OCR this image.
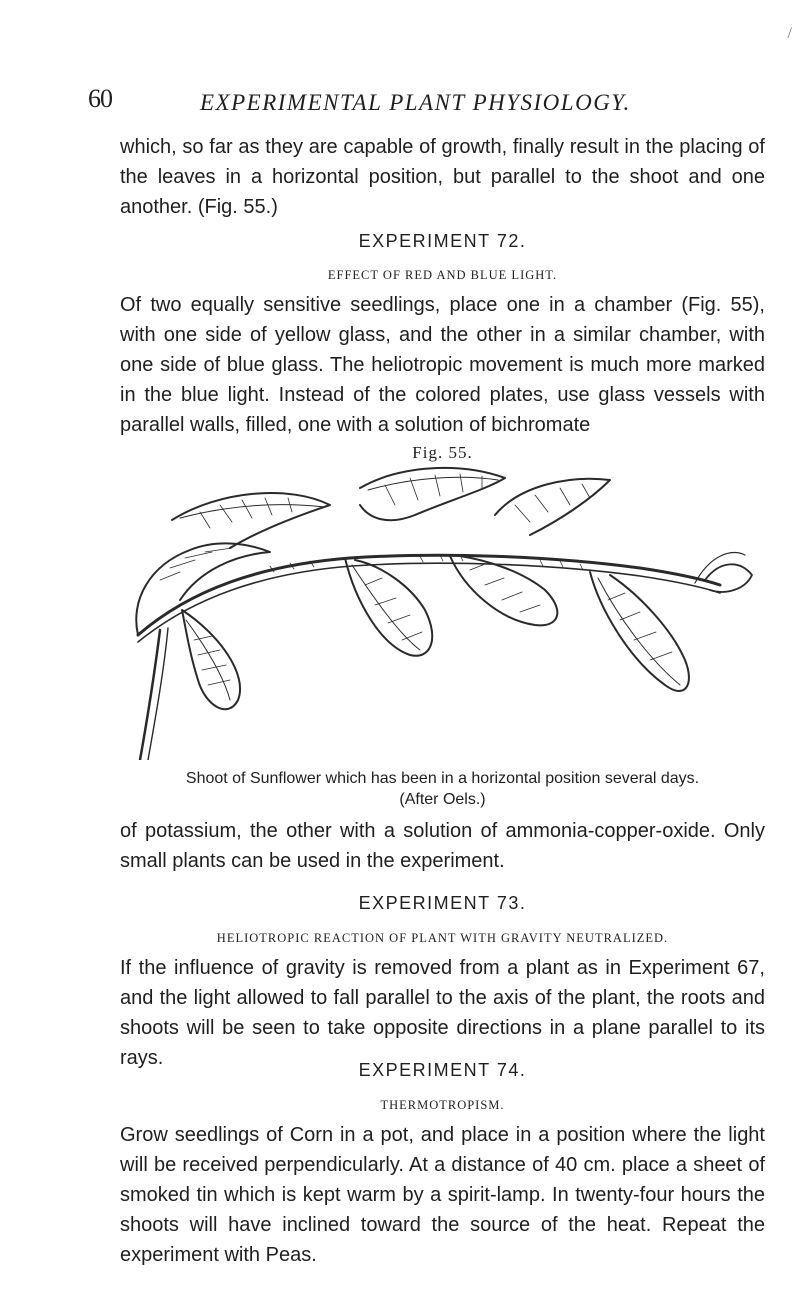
/
60	EXPERIMENTAL PLANT PHYSIOLOGY.
which, so far as they are capable of growth, finally result in the placing of the leaves in a horizontal position, but parallel to the shoot and one another. (Fig. 55.)
EXPERIMENT 72.
EFFECT OF RED AND BLUE LIGHT.
Of two equally sensitive seedlings, place one in a chamber (Fig. 55), with one side of yellow glass, and the other in a similar chamber, with one side of blue glass. The heliotropic movement is much more marked in the blue light. Instead of the colored plates, use glass vessels with parallel walls, filled, one with a solution of bichromate
Fig. 55.
Shoot of Sunflower which has been in a horizontal position several days.
(After Oels.)
of potassium, the other with a solution of ammonia-copper-oxide. Only small plants can be used in the experiment.
EXPERIMENT 73.
HELIOTROPIC REACTION OF PLANT WITH GRAVITY NEUTRALIZED.
If the influence of gravity is removed from a plant as in Experiment 67, and the light allowed to fall parallel to the axis of the plant, the roots and shoots will be seen to take opposite directions in a plane parallel to its rays.
EXPERIMENT 74.
THERMOTROPISM.
Grow seedlings of Corn in a pot, and place in a position where the light will be received perpendicularly. At a distance of 40 cm. place a sheet of smoked tin which is kept warm by a spirit-lamp. In twenty-four hours the shoots will have inclined toward the source of the heat. Repeat the experiment with Peas.
